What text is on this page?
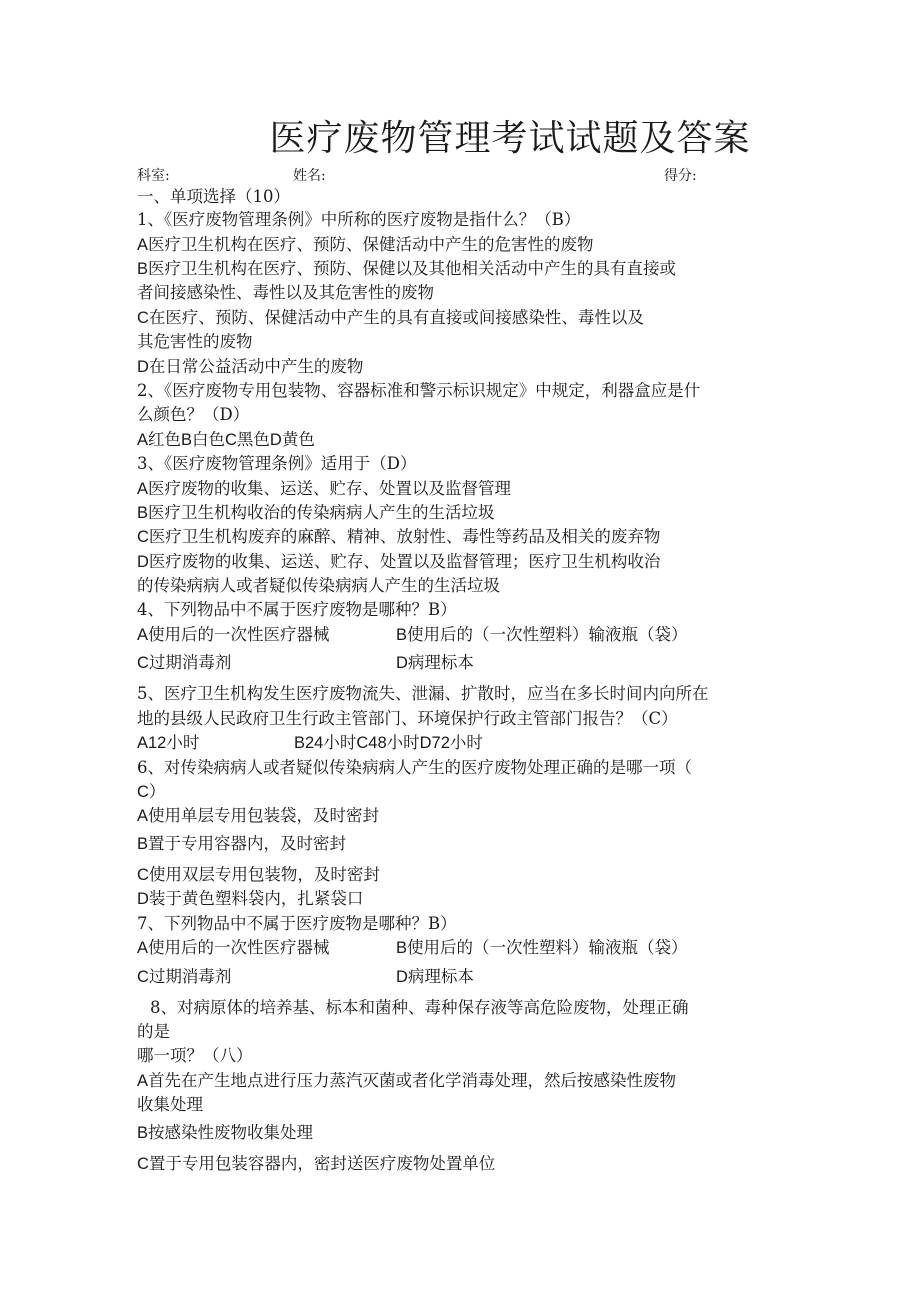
医疗废物管理考试试题及答案
科室:	姓名:	得分:
一、单项选择（10）
1、《医疗废物管理条例》中所称的医疗废物是指什么？（B）
A医疗卫生机构在医疗、预防、保健活动中产生的危害性的废物
B医疗卫生机构在医疗、预防、保健以及其他相关活动中产生的具有直接或
者间接感染性、毒性以及其危害性的废物
C在医疗、预防、保健活动中产生的具有直接或间接感染性、毒性以及
其危害性的废物
D在日常公益活动中产生的废物
2、《医疗废物专用包装物、容器标准和警示标识规定》中规定，利器盒应是什
么颜色？（D）
A红色B白色C黑色D黄色
3、《医疗废物管理条例》适用于（D）
A医疗废物的收集、运送、贮存、处置以及监督管理
B医疗卫生机构收治的传染病病人产生的生活垃圾
C医疗卫生机构废弃的麻醉、精神、放射性、毒性等药品及相关的废弃物
D医疗废物的收集、运送、贮存、处置以及监督管理；医疗卫生机构收治
的传染病病人或者疑似传染病病人产生的生活垃圾
4、下列物品中不属于医疗废物是哪种？B）
A使用后的一次性医疗器械	B使用后的（一次性塑料）输液瓶（袋）
C过期消毒剂	D病理标本
5、医疗卫生机构发生医疗废物流失、泄漏、扩散时，应当在多长时间内向所在
地的县级人民政府卫生行政主管部门、环境保护行政主管部门报告？（C）
A12小时	B24小时C48小时D72小时
6、对传染病病人或者疑似传染病病人产生的医疗废物处理正确的是哪一项（
C）
A使用单层专用包装袋，及时密封
B置于专用容器内，及时密封
C使用双层专用包装物，及时密封
D装于黄色塑料袋内，扎紧袋口
7、下列物品中不属于医疗废物是哪种？B）
A使用后的一次性医疗器械	B使用后的（一次性塑料）输液瓶（袋）
C过期消毒剂	D病理标本
8、对病原体的培养基、标本和菌种、毒种保存液等高危险废物，处理正确
的是
哪一项？（八）
A首先在产生地点进行压力蒸汽灭菌或者化学消毒处理，然后按感染性废物
收集处理
B按感染性废物收集处理
C置于专用包装容器内，密封送医疗废物处置单位
